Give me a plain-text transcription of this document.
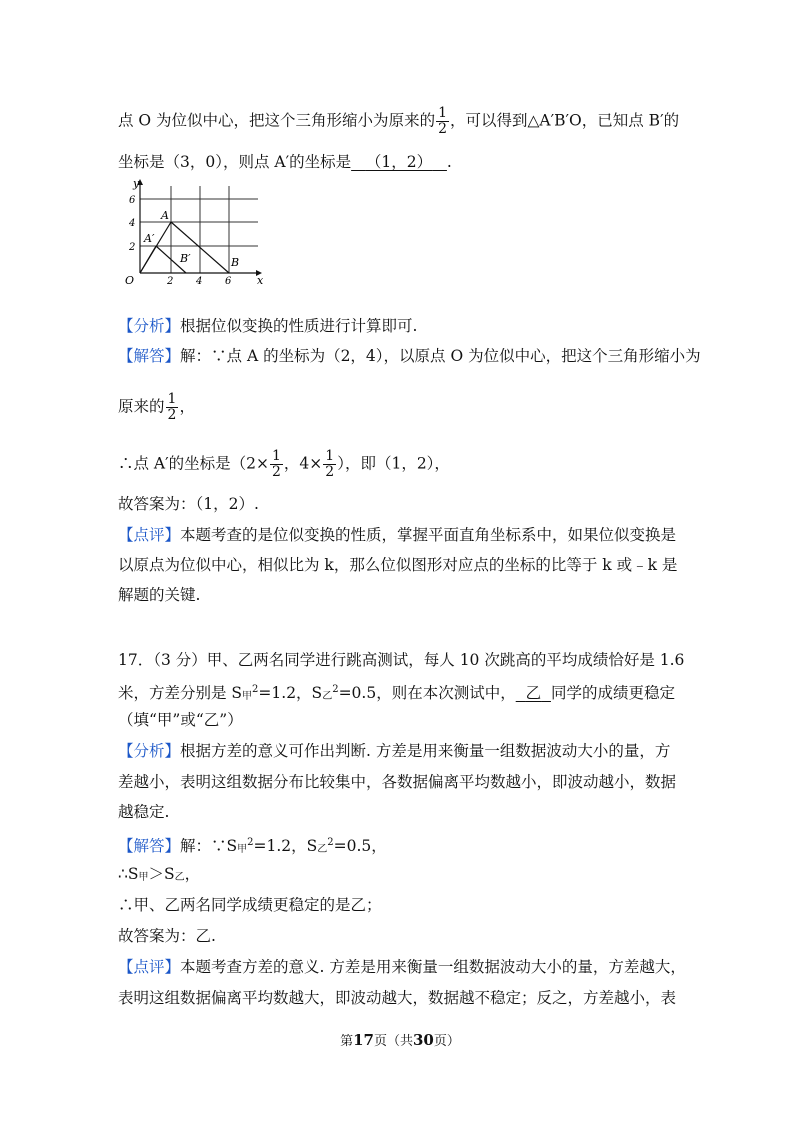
点 O 为位似中心，把这个三角形缩小为原来的 $\frac{1}{2}$ ，可以得到△A′B′O，已知点 B′的
坐标是（3，0），则点 A′的坐标是 （1，2） .
y
x
O
6
4
2
2 4 6
A
A′
B′	B
【分析】根据位似变换的性质进行计算即可.
【解答】解：∵点 A 的坐标为（2，4），以原点 O 为位似中心，把这个三角形缩小为
原来的 $\frac{1}{2}$ ，
∴点 A′的坐标是（$2\times \frac{1}{2}$ ，$4\times \frac{1}{2}$ ），即（1，2），
故答案为：（1，2）.
【点评】本题考查的是位似变换的性质，掌握平面直角坐标系中，如果位似变换是
以原点为位似中心，相似比为 k，那么位似图形对应点的坐标的比等于 k 或﹣k 是
解题的关键.
17．（3 分）甲、乙两名同学进行跳高测试，每人 10 次跳高的平均成绩恰好是 1.6
米，方差分别是 S甲$^2$=1.2，S乙$^2$=0.5，则在本次测试中， 乙 同学的成绩更稳定
（填“甲”或“乙”）
【分析】根据方差的意义可作出判断. 方差是用来衡量一组数据波动大小的量，方
差越小，表明这组数据分布比较集中，各数据偏离平均数越小，即波动越小，数据
越稳定.
【解答】解：∵S甲$^2$=1.2，S乙$^2$=0.5，
∴S甲＞S乙，
∴甲、乙两名同学成绩更稳定的是乙；
故答案为：乙.
【点评】本题考查方差的意义. 方差是用来衡量一组数据波动大小的量，方差越大，
表明这组数据偏离平均数越大，即波动越大，数据越不稳定；反之，方差越小，表
第17页（共30页）
